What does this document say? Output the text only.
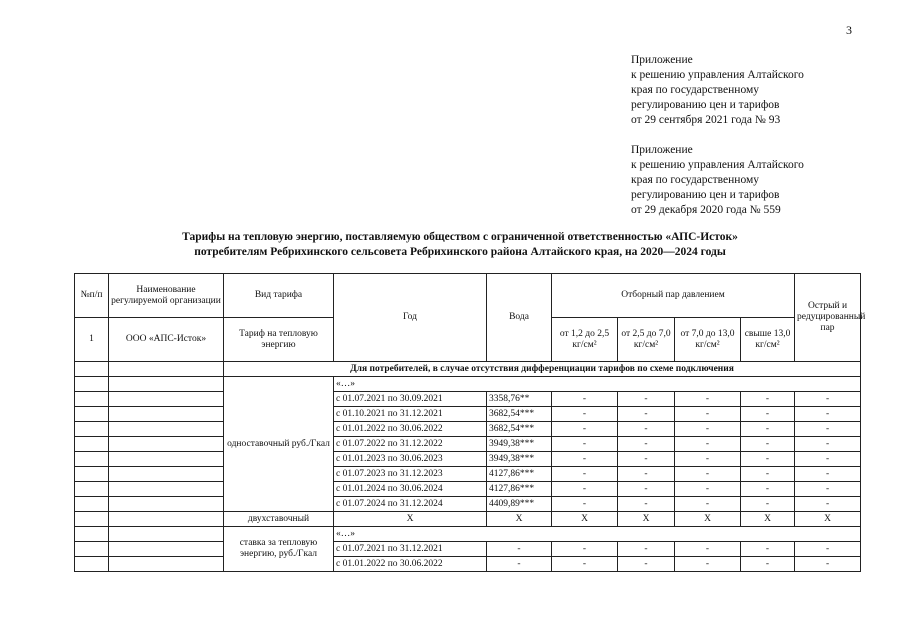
3
Приложение
к решению управления Алтайского
края по государственному
регулированию цен и тарифов
от 29 сентября 2021 года № 93
Приложение
к решению управления Алтайского
края по государственному
регулированию цен и тарифов
от 29 декабря 2020 года № 559
Тарифы на тепловую энергию, поставляемую обществом с ограниченной ответственностью «АПС-Исток»
потребителям Ребрихинского сельсовета Ребрихинского района Алтайского края, на 2020—2024 годы
№п/п	Наименование регулируемой организации	Вид тарифа	Год	Вода	Отборный пар давлением				Острый и редуцированный пар
1	ООО «АПС-Исток»	Тариф на тепловую энергию			от 1,2 до 2,5 кг/см²	от 2,5 до 7,0 кг/см²	от 7,0 до 13,0 кг/см²	свыше 13,0 кг/см²	
		Для потребителей, в случае отсутствия дифференциации тарифов по схеме подключения							
		одноставочный руб./Гкал	«…»						
			с 01.07.2021 по 30.09.2021	3358,76**	-	-	-	-	-
			с 01.10.2021 по 31.12.2021	3682,54***	-	-	-	-	-
			с 01.01.2022 по 30.06.2022	3682,54***	-	-	-	-	-
			с 01.07.2022 по 31.12.2022	3949,38***	-	-	-	-	-
			с 01.01.2023 по 30.06.2023	3949,38***	-	-	-	-	-
			с 01.07.2023 по 31.12.2023	4127,86***	-	-	-	-	-
			с 01.01.2024 по 30.06.2024	4127,86***	-	-	-	-	-
			с 01.07.2024 по 31.12.2024	4409,89***	-	-	-	-	-
		двухставочный	X	X	X	X	X	X	X
		ставка за тепловую энергию, руб./Гкал	«…»						
			с 01.07.2021 по 31.12.2021	-	-	-	-	-	-
			с 01.01.2022 по 30.06.2022	-	-	-	-	-	-
